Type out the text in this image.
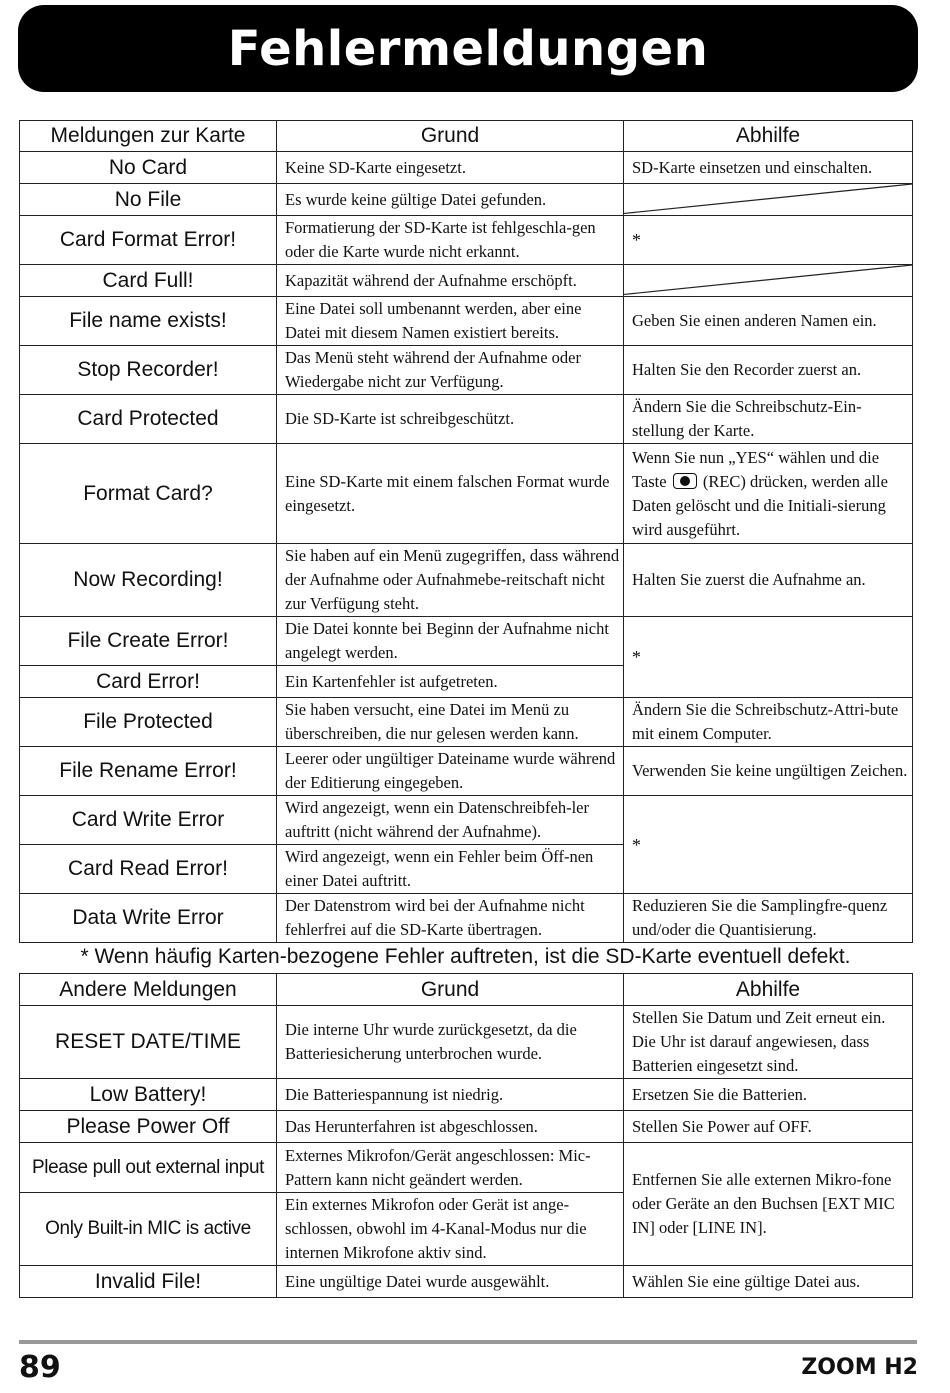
Fehlermeldungen
Meldungen zur Karte	Grund	Abhilfe
No Card	Keine SD-Karte eingesetzt.	SD-Karte einsetzen und einschalten.
No File	Es wurde keine gültige Datei gefunden.	

Card Format Error!	Formatierung der SD-Karte ist fehlgeschla-gen oder die Karte wurde nicht erkannt.	*
Card Full!	Kapazität während der Aufnahme erschöpft.	

File name exists!	Eine Datei soll umbenannt werden, aber eine Datei mit diesem Namen existiert bereits.	Geben Sie einen anderen Namen ein.
Stop Recorder!	Das Menü steht während der Aufnahme oder Wiedergabe nicht zur Verfügung.	Halten Sie den Recorder zuerst an.
Card Protected	Die SD-Karte ist schreibgeschützt.	Ändern Sie die Schreibschutz-Ein-stellung der Karte.
Format Card?	Eine SD-Karte mit einem falschen Format wurde eingesetzt.	Wenn Sie nun „YES“ wählen und die Taste (REC) drücken, werden alle Daten gelöscht und die Initiali-sierung wird ausgeführt.
Now Recording!	Sie haben auf ein Menü zugegriffen, dass während der Aufnahme oder Aufnahmebe-reitschaft nicht zur Verfügung steht.	Halten Sie zuerst die Aufnahme an.
File Create Error!	Die Datei konnte bei Beginn der Aufnahme nicht angelegt werden.	*
Card Error!	Ein Kartenfehler ist aufgetreten.	
File Protected	Sie haben versucht, eine Datei im Menü zu überschreiben, die nur gelesen werden kann.	Ändern Sie die Schreibschutz-Attri-bute mit einem Computer.
File Rename Error!	Leerer oder ungültiger Dateiname wurde während der Editierung eingegeben.	Verwenden Sie keine ungültigen Zeichen.
Card Write Error	Wird angezeigt, wenn ein Datenschreibfeh-ler auftritt (nicht während der Aufnahme).	*
Card Read Error!	Wird angezeigt, wenn ein Fehler beim Öff-nen einer Datei auftritt.	
Data Write Error	Der Datenstrom wird bei der Aufnahme nicht fehlerfrei auf die SD-Karte übertragen.	Reduzieren Sie die Samplingfre-quenz und/oder die Quantisierung.
* Wenn häufig Karten-bezogene Fehler auftreten, ist die SD-Karte eventuell defekt.
Andere Meldungen	Grund	Abhilfe
RESET DATE/TIME	Die interne Uhr wurde zurückgesetzt, da die Batteriesicherung unterbrochen wurde.	Stellen Sie Datum und Zeit erneut ein. Die Uhr ist darauf angewiesen, dass Batterien eingesetzt sind.
Low Battery!	Die Batteriespannung ist niedrig.	Ersetzen Sie die Batterien.
Please Power Off	Das Herunterfahren ist abgeschlossen.	Stellen Sie Power auf OFF.
Please pull out external input	Externes Mikrofon/Gerät angeschlossen: Mic-Pattern kann nicht geändert werden.	Entfernen Sie alle externen Mikro-fone oder Geräte an den Buchsen [EXT MIC IN] oder [LINE IN].
Only Built-in MIC is active	Ein externes Mikrofon oder Gerät ist ange-schlossen, obwohl im 4-Kanal-Modus nur die internen Mikrofone aktiv sind.	
Invalid File!	Eine ungültige Datei wurde ausgewählt.	Wählen Sie eine gültige Datei aus.
89	ZOOM H2
